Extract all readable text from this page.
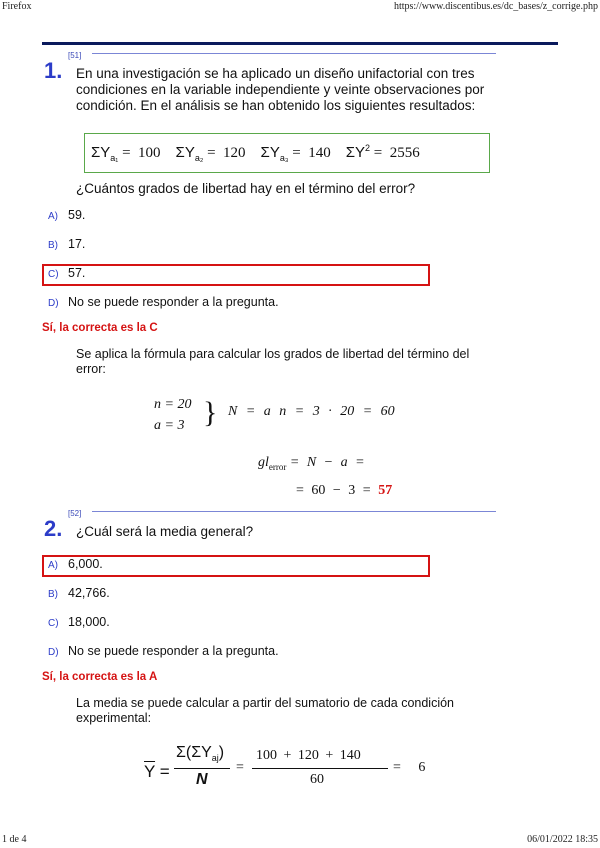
Firefox	https://www.discentibus.es/dc_bases/z_corrige.php
[51]
1. En una investigación se ha aplicado un diseño unifactorial con tres condiciones en la variable independiente y veinte observaciones por condición. En el análisis se han obtenido los siguientes resultados:
$\Sigma Y_{a_1} = 100$ $\Sigma Y_{a_2} = 120$ $\Sigma Y_{a_3} = 140$ $\Sigma Y^2 = 2556$
¿Cuántos grados de libertad hay en el término del error?
A) 59.
B) 17.
C) 57.
D) No se puede responder a la pregunta.
Sí, la correcta es la C
Se aplica la fórmula para calcular los grados de libertad del término del error:
n = 20
a = 3 } N = a n = 3 · 20 = 60
$gl_{error} = N - a$ =
= 60 − 3 = 57
[52]
2. ¿Cuál será la media general?
A) 6,000.
B) 42,766.
C) 18,000.
D) No se puede responder a la pregunta.
Sí, la correcta es la A
La media se puede calcular a partir del sumatorio de cada condición experimental:
$\overline{Y}$ =
$\Sigma(\Sigma Y_{aj})$
N
=
100 + 120 + 140
60
= 6
1 de 4	06/01/2022 18:35
